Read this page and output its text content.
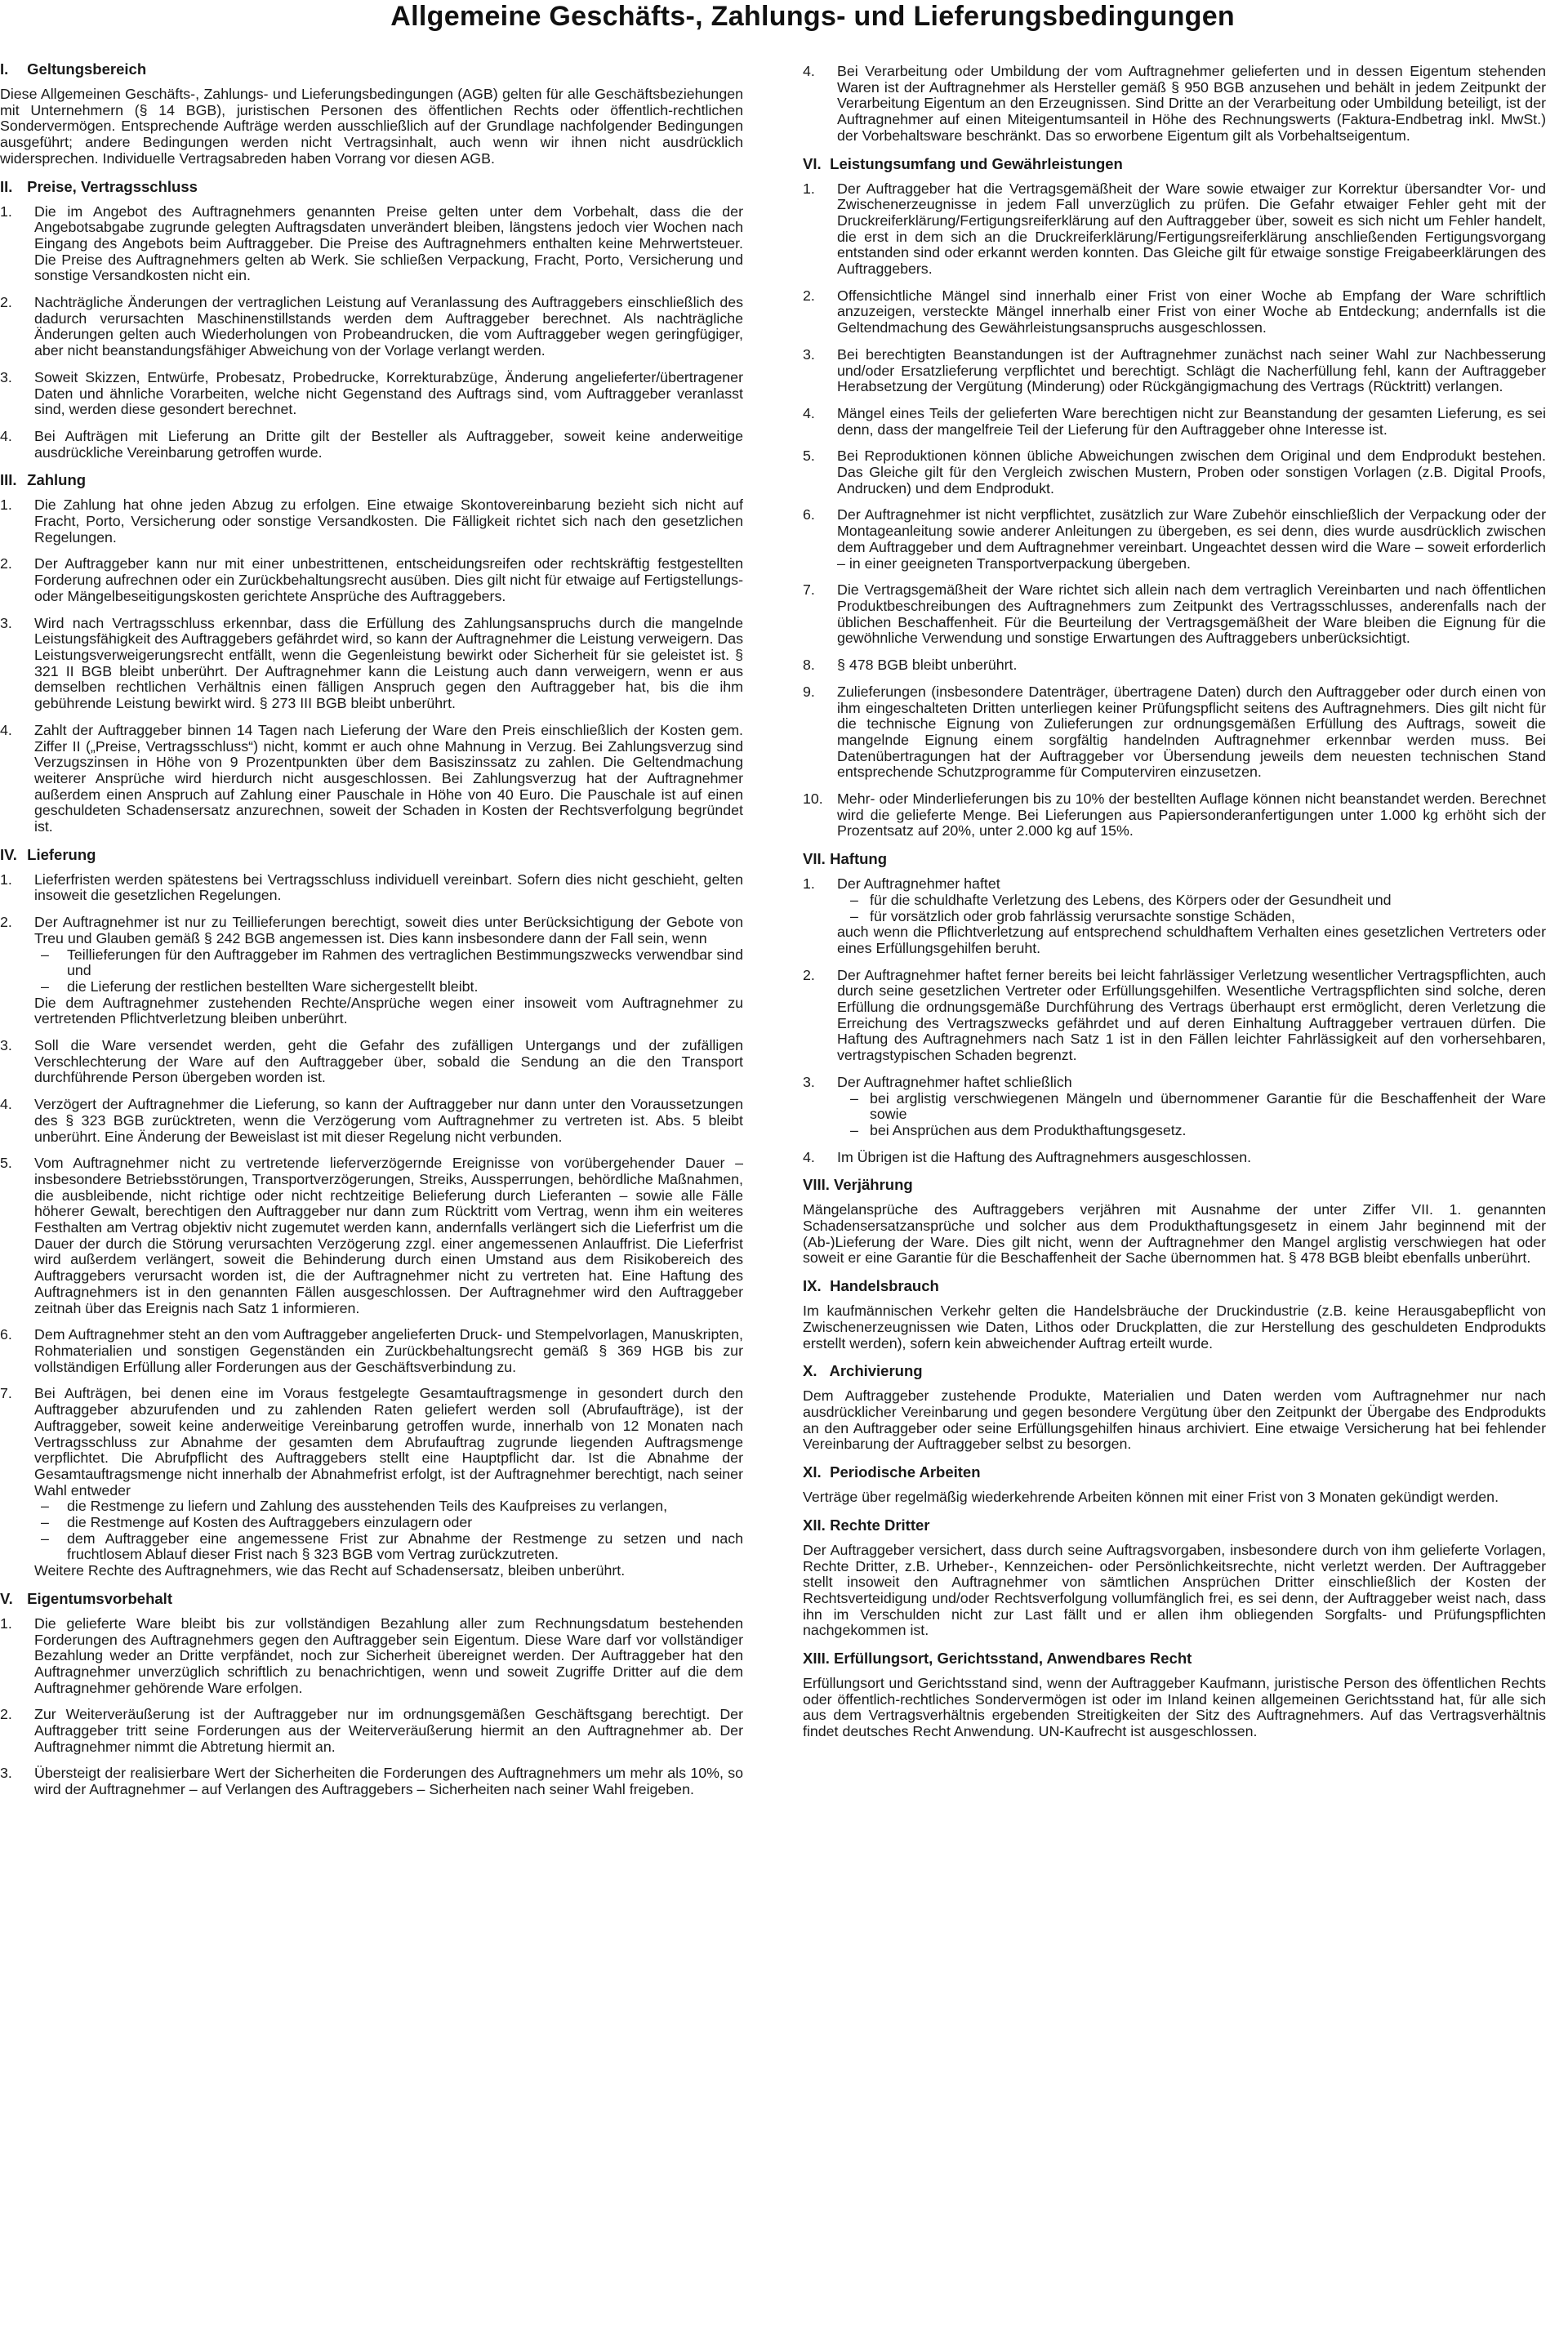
Allgemeine Geschäfts-, Zahlungs- und Lieferungsbedingungen
I. Geltungsbereich

Diese Allgemeinen Geschäfts-, Zahlungs- und Lieferungsbedingungen (AGB) gelten für alle Geschäftsbeziehungen mit Unternehmern (§ 14 BGB), juristischen Personen des öffentlichen Rechts oder öffentlich-rechtlichen Sondervermögen. Entsprechende Aufträge werden ausschließlich auf der Grundlage nachfolgender Bedingungen ausgeführt; andere Bedingungen werden nicht Vertragsinhalt, auch wenn wir ihnen nicht ausdrücklich widersprechen. Individuelle Vertragsabreden haben Vorrang vor diesen AGB.

II. Preise, Vertragsschluss
1. Die im Angebot des Auftragnehmers genannten Preise gelten unter dem Vorbehalt, dass die der Angebotsabgabe zugrunde gelegten Auftragsdaten unverändert bleiben, längstens jedoch vier Wochen nach Eingang des Angebots beim Auftraggeber. Die Preise des Auftragnehmers enthalten keine Mehrwertsteuer. Die Preise des Auftragnehmers gelten ab Werk. Sie schließen Verpackung, Fracht, Porto, Versicherung und sonstige Versandkosten nicht ein.
2. Nachträgliche Änderungen der vertraglichen Leistung auf Veranlassung des Auftraggebers einschließlich des dadurch verursachten Maschinenstillstands werden dem Auftraggeber berechnet. Als nachträgliche Änderungen gelten auch Wiederholungen von Probeandrucken, die vom Auftraggeber wegen geringfügiger, aber nicht beanstandungsfähiger Abweichung von der Vorlage verlangt werden.
3. Soweit Skizzen, Entwürfe, Probesatz, Probedrucke, Korrekturabzüge, Änderung angelieferter/übertragener Daten und ähnliche Vorarbeiten, welche nicht Gegenstand des Auftrags sind, vom Auftraggeber veranlasst sind, werden diese gesondert berechnet.
4. Bei Aufträgen mit Lieferung an Dritte gilt der Besteller als Auftraggeber, soweit keine anderweitige ausdrückliche Vereinbarung getroffen wurde.
III. Zahlung
1. Die Zahlung hat ohne jeden Abzug zu erfolgen. Eine etwaige Skontovereinbarung bezieht sich nicht auf Fracht, Porto, Versicherung oder sonstige Versandkosten. Die Fälligkeit richtet sich nach den gesetzlichen Regelungen.
2. Der Auftraggeber kann nur mit einer unbestrittenen, entscheidungsreifen oder rechtskräftig festgestellten Forderung aufrechnen oder ein Zurückbehaltungsrecht ausüben. Dies gilt nicht für etwaige auf Fertigstellungs- oder Mängelbeseitigungskosten gerichtete Ansprüche des Auftraggebers.
3. Wird nach Vertragsschluss erkennbar, dass die Erfüllung des Zahlungsanspruchs durch die mangelnde Leistungsfähigkeit des Auftraggebers gefährdet wird, so kann der Auftragnehmer die Leistung verweigern. Das Leistungsverweigerungsrecht entfällt, wenn die Gegenleistung bewirkt oder Sicherheit für sie geleistet ist. § 321 II BGB bleibt unberührt. Der Auftragnehmer kann die Leistung auch dann verweigern, wenn er aus demselben rechtlichen Verhältnis einen fälligen Anspruch gegen den Auftraggeber hat, bis die ihm gebührende Leistung bewirkt wird. § 273 III BGB bleibt unberührt.
4. Zahlt der Auftraggeber binnen 14 Tagen nach Lieferung der Ware den Preis einschließlich der Kosten gem. Ziffer II („Preise, Vertragsschluss“) nicht, kommt er auch ohne Mahnung in Verzug. Bei Zahlungsverzug sind Verzugszinsen in Höhe von 9 Prozentpunkten über dem Basiszinssatz zu zahlen. Die Geltendmachung weiterer Ansprüche wird hierdurch nicht ausgeschlossen. Bei Zahlungsverzug hat der Auftragnehmer außerdem einen Anspruch auf Zahlung einer Pauschale in Höhe von 40 Euro. Die Pauschale ist auf einen geschuldeten Schadensersatz anzurechnen, soweit der Schaden in Kosten der Rechtsverfolgung begründet ist.
IV. Lieferung
1. Lieferfristen werden spätestens bei Vertragsschluss individuell vereinbart. Sofern dies nicht geschieht, gelten insoweit die gesetzlichen Regelungen.
2. Der Auftragnehmer ist nur zu Teillieferungen berechtigt, soweit dies unter Berücksichtigung der Gebote von Treu und Glauben gemäß § 242 BGB angemessen ist. Dies kann insbesondere dann der Fall sein, wenn
– Teillieferungen für den Auftraggeber im Rahmen des vertraglichen Bestimmungszwecks verwendbar sind und
– die Lieferung der restlichen bestellten Ware sichergestellt bleibt.
Die dem Auftragnehmer zustehenden Rechte/Ansprüche wegen einer insoweit vom Auftragnehmer zu vertretenden Pflichtverletzung bleiben unberührt.
3. Soll die Ware versendet werden, geht die Gefahr des zufälligen Untergangs und der zufälligen Verschlechterung der Ware auf den Auftraggeber über, sobald die Sendung an die den Transport durchführende Person übergeben worden ist.
4. Verzögert der Auftragnehmer die Lieferung, so kann der Auftraggeber nur dann unter den Voraussetzungen des § 323 BGB zurücktreten, wenn die Verzögerung vom Auftragnehmer zu vertreten ist. Abs. 5 bleibt unberührt. Eine Änderung der Beweislast ist mit dieser Regelung nicht verbunden.
5. Vom Auftragnehmer nicht zu vertretende lieferverzögernde Ereignisse von vorübergehender Dauer – insbesondere Betriebsstörungen, Transportverzögerungen, Streiks, Aussperrungen, behördliche Maßnahmen, die ausbleibende, nicht richtige oder nicht rechtzeitige Belieferung durch Lieferanten – sowie alle Fälle höherer Gewalt, berechtigen den Auftraggeber nur dann zum Rücktritt vom Vertrag, wenn ihm ein weiteres Festhalten am Vertrag objektiv nicht zugemutet werden kann, andernfalls verlängert sich die Lieferfrist um die Dauer der durch die Störung verursachten Verzögerung zzgl. einer angemessenen Anlauffrist. Die Lieferfrist wird außerdem verlängert, soweit die Behinderung durch einen Umstand aus dem Risikobereich des Auftraggebers verursacht worden ist, die der Auftragnehmer nicht zu vertreten hat. Eine Haftung des Auftragnehmers ist in den genannten Fällen ausgeschlossen. Der Auftragnehmer wird den Auftraggeber zeitnah über das Ereignis nach Satz 1 informieren.
6. Dem Auftragnehmer steht an den vom Auftraggeber angelieferten Druck- und Stempelvorlagen, Manuskripten, Rohmaterialien und sonstigen Gegenständen ein Zurückbehaltungsrecht gemäß § 369 HGB bis zur vollständigen Erfüllung aller Forderungen aus der Geschäftsverbindung zu.
7. Bei Aufträgen, bei denen eine im Voraus festgelegte Gesamtauftragsmenge in gesondert durch den Auftraggeber abzurufenden und zu zahlenden Raten geliefert werden soll (Abrufaufträge), ist der Auftraggeber, soweit keine anderweitige Vereinbarung getroffen wurde, innerhalb von 12 Monaten nach Vertragsschluss zur Abnahme der gesamten dem Abrufauftrag zugrunde liegenden Auftragsmenge verpflichtet. Die Abrufpflicht des Auftraggebers stellt eine Hauptpflicht dar. Ist die Abnahme der Gesamtauftragsmenge nicht innerhalb der Abnahmefrist erfolgt, ist der Auftragnehmer berechtigt, nach seiner Wahl entweder
– die Restmenge zu liefern und Zahlung des ausstehenden Teils des Kaufpreises zu verlangen,
– die Restmenge auf Kosten des Auftraggebers einzulagern oder
– dem Auftraggeber eine angemessene Frist zur Abnahme der Restmenge zu setzen und nach fruchtlosem Ablauf dieser Frist nach § 323 BGB vom Vertrag zurückzutreten.
Weitere Rechte des Auftragnehmers, wie das Recht auf Schadensersatz, bleiben unberührt.
V. Eigentumsvorbehalt
1. Die gelieferte Ware bleibt bis zur vollständigen Bezahlung aller zum Rechnungsdatum bestehenden Forderungen des Auftragnehmers gegen den Auftraggeber sein Eigentum. Diese Ware darf vor vollständiger Bezahlung weder an Dritte verpfändet, noch zur Sicherheit übereignet werden. Der Auftraggeber hat den Auftragnehmer unverzüglich schriftlich zu benachrichtigen, wenn und soweit Zugriffe Dritter auf die dem Auftragnehmer gehörende Ware erfolgen.
2. Zur Weiterveräußerung ist der Auftraggeber nur im ordnungsgemäßen Geschäftsgang berechtigt. Der Auftraggeber tritt seine Forderungen aus der Weiterveräußerung hiermit an den Auftragnehmer ab. Der Auftragnehmer nimmt die Abtretung hiermit an.
3. Übersteigt der realisierbare Wert der Sicherheiten die Forderungen des Auftragnehmers um mehr als 10%, so wird der Auftragnehmer – auf Verlangen des Auftraggebers – Sicherheiten nach seiner Wahl freigeben.
4. Bei Verarbeitung oder Umbildung der vom Auftragnehmer gelieferten und in dessen Eigentum stehenden Waren ist der Auftragnehmer als Hersteller gemäß § 950 BGB anzusehen und behält in jedem Zeitpunkt der Verarbeitung Eigentum an den Erzeugnissen. Sind Dritte an der Verarbeitung oder Umbildung beteiligt, ist der Auftragnehmer auf einen Miteigentumsanteil in Höhe des Rechnungswerts (Faktura-Endbetrag inkl. MwSt.) der Vorbehaltsware beschränkt. Das so erworbene Eigentum gilt als Vorbehaltseigentum.
VI. Leistungsumfang und Gewährleistungen
1. Der Auftraggeber hat die Vertragsgemäßheit der Ware sowie etwaiger zur Korrektur übersandter Vor- und Zwischenerzeugnisse in jedem Fall unverzüglich zu prüfen. Die Gefahr etwaiger Fehler geht mit der Druckreiferklärung/Fertigungsreiferklärung auf den Auftraggeber über, soweit es sich nicht um Fehler handelt, die erst in dem sich an die Druckreiferklärung/Fertigungsreiferklärung anschließenden Fertigungsvorgang entstanden sind oder erkannt werden konnten. Das Gleiche gilt für etwaige sonstige Freigabeerklärungen des Auftraggebers.
2. Offensichtliche Mängel sind innerhalb einer Frist von einer Woche ab Empfang der Ware schriftlich anzuzeigen, versteckte Mängel innerhalb einer Frist von einer Woche ab Entdeckung; andernfalls ist die Geltendmachung des Gewährleistungsanspruchs ausgeschlossen.
3. Bei berechtigten Beanstandungen ist der Auftragnehmer zunächst nach seiner Wahl zur Nachbesserung und/oder Ersatzlieferung verpflichtet und berechtigt. Schlägt die Nacherfüllung fehl, kann der Auftraggeber Herabsetzung der Vergütung (Minderung) oder Rückgängigmachung des Vertrags (Rücktritt) verlangen.
4. Mängel eines Teils der gelieferten Ware berechtigen nicht zur Beanstandung der gesamten Lieferung, es sei denn, dass der mangelfreie Teil der Lieferung für den Auftraggeber ohne Interesse ist.
5. Bei Reproduktionen können übliche Abweichungen zwischen dem Original und dem Endprodukt bestehen. Das Gleiche gilt für den Vergleich zwischen Mustern, Proben oder sonstigen Vorlagen (z.B. Digital Proofs, Andrucken) und dem Endprodukt.
6. Der Auftragnehmer ist nicht verpflichtet, zusätzlich zur Ware Zubehör einschließlich der Verpackung oder der Montageanleitung sowie anderer Anleitungen zu übergeben, es sei denn, dies wurde ausdrücklich zwischen dem Auftraggeber und dem Auftragnehmer vereinbart. Ungeachtet dessen wird die Ware – soweit erforderlich – in einer geeigneten Transportverpackung übergeben.
7. Die Vertragsgemäßheit der Ware richtet sich allein nach dem vertraglich Vereinbarten und nach öffentlichen Produktbeschreibungen des Auftragnehmers zum Zeitpunkt des Vertragsschlusses, anderenfalls nach der üblichen Beschaffenheit. Für die Beurteilung der Vertragsgemäßheit der Ware bleiben die Eignung für die gewöhnliche Verwendung und sonstige Erwartungen des Auftraggebers unberücksichtigt.
8. § 478 BGB bleibt unberührt.
9. Zulieferungen (insbesondere Datenträger, übertragene Daten) durch den Auftraggeber oder durch einen von ihm eingeschalteten Dritten unterliegen keiner Prüfungspflicht seitens des Auftragnehmers. Dies gilt nicht für die technische Eignung von Zulieferungen zur ordnungsgemäßen Erfüllung des Auftrags, soweit die mangelnde Eignung einem sorgfältig handelnden Auftragnehmer erkennbar werden muss. Bei Datenübertragungen hat der Auftraggeber vor Übersendung jeweils dem neuesten technischen Stand entsprechende Schutzprogramme für Computerviren einzusetzen.
10. Mehr- oder Minderlieferungen bis zu 10% der bestellten Auflage können nicht beanstandet werden. Berechnet wird die gelieferte Menge. Bei Lieferungen aus Papiersonderanfertigungen unter 1.000 kg erhöht sich der Prozentsatz auf 20%, unter 2.000 kg auf 15%.
VII. Haftung
1. Der Auftragnehmer haftet
– für die schuldhafte Verletzung des Lebens, des Körpers oder der Gesundheit und
– für vorsätzlich oder grob fahrlässig verursachte sonstige Schäden,
auch wenn die Pflichtverletzung auf entsprechend schuldhaftem Verhalten eines gesetzlichen Vertreters oder eines Erfüllungsgehilfen beruht.
2. Der Auftragnehmer haftet ferner bereits bei leicht fahrlässiger Verletzung wesentlicher Vertragspflichten, auch durch seine gesetzlichen Vertreter oder Erfüllungsgehilfen. Wesentliche Vertragspflichten sind solche, deren Erfüllung die ordnungsgemäße Durchführung des Vertrags überhaupt erst ermöglicht, deren Verletzung die Erreichung des Vertragszwecks gefährdet und auf deren Einhaltung Auftraggeber vertrauen dürfen. Die Haftung des Auftragnehmers nach Satz 1 ist in den Fällen leichter Fahrlässigkeit auf den vorhersehbaren, vertragstypischen Schaden begrenzt.
3. Der Auftragnehmer haftet schließlich
– bei arglistig verschwiegenen Mängeln und übernommener Garantie für die Beschaffenheit der Ware sowie
– bei Ansprüchen aus dem Produkthaftungsgesetz.
4. Im Übrigen ist die Haftung des Auftragnehmers ausgeschlossen.
VIII. Verjährung

Mängelansprüche des Auftraggebers verjähren mit Ausnahme der unter Ziffer VII. 1. genannten Schadensersatzansprüche und solcher aus dem Produkthaftungsgesetz in einem Jahr beginnend mit der (Ab-)Lieferung der Ware. Dies gilt nicht, wenn der Auftragnehmer den Mangel arglistig verschwiegen hat oder soweit er eine Garantie für die Beschaffenheit der Sache übernommen hat. § 478 BGB bleibt ebenfalls unberührt.

IX. Handelsbrauch

Im kaufmännischen Verkehr gelten die Handelsbräuche der Druckindustrie (z.B. keine Herausgabepflicht von Zwischenerzeugnissen wie Daten, Lithos oder Druckplatten, die zur Herstellung des geschuldeten Endprodukts erstellt werden), sofern kein abweichender Auftrag erteilt wurde.

X. Archivierung

Dem Auftraggeber zustehende Produkte, Materialien und Daten werden vom Auftragnehmer nur nach ausdrücklicher Vereinbarung und gegen besondere Vergütung über den Zeitpunkt der Übergabe des Endprodukts an den Auftraggeber oder seine Erfüllungsgehilfen hinaus archiviert. Eine etwaige Versicherung hat bei fehlender Vereinbarung der Auftraggeber selbst zu besorgen.

XI. Periodische Arbeiten

Verträge über regelmäßig wiederkehrende Arbeiten können mit einer Frist von 3 Monaten gekündigt werden.

XII. Rechte Dritter

Der Auftraggeber versichert, dass durch seine Auftragsvorgaben, insbesondere durch von ihm gelieferte Vorlagen, Rechte Dritter, z.B. Urheber-, Kennzeichen- oder Persönlichkeitsrechte, nicht verletzt werden. Der Auftraggeber stellt insoweit den Auftragnehmer von sämtlichen Ansprüchen Dritter einschließlich der Kosten der Rechtsverteidigung und/oder Rechtsverfolgung vollumfänglich frei, es sei denn, der Auftraggeber weist nach, dass ihn im Verschulden nicht zur Last fällt und er allen ihm obliegenden Sorgfalts- und Prüfungspflichten nachgekommen ist.

XIII. Erfüllungsort, Gerichtsstand, Anwendbares Recht

Erfüllungsort und Gerichtsstand sind, wenn der Auftraggeber Kaufmann, juristische Person des öffentlichen Rechts oder öffentlich-rechtliches Sondervermögen ist oder im Inland keinen allgemeinen Gerichtsstand hat, für alle sich aus dem Vertragsverhältnis ergebenden Streitigkeiten der Sitz des Auftragnehmers. Auf das Vertragsverhältnis findet deutsches Recht Anwendung. UN-Kaufrecht ist ausgeschlossen.
